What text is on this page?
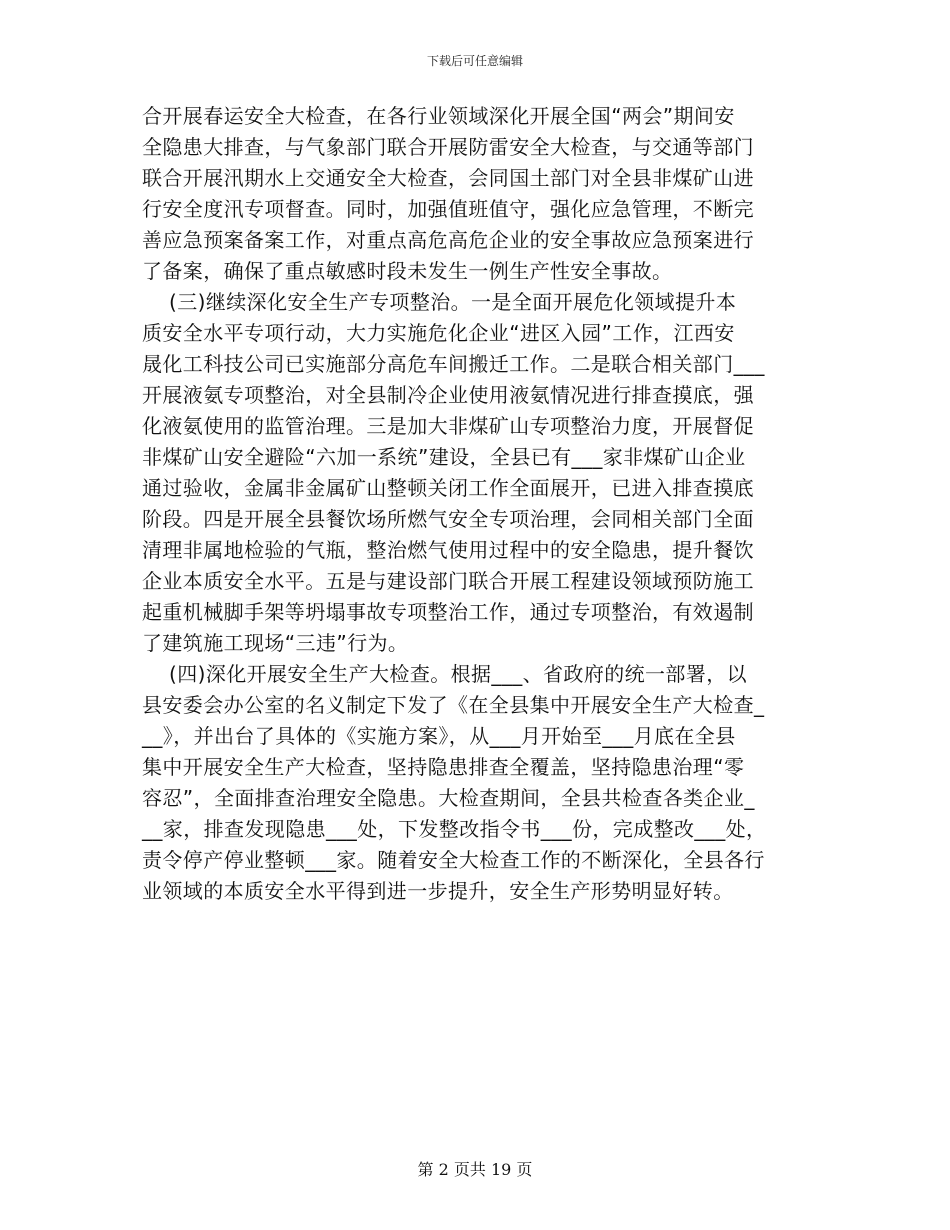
下载后可任意编辑
合开展春运安全大检查，在各行业领域深化开展全国“两会”期间安
全隐患大排查，与气象部门联合开展防雷安全大检查，与交通等部门
联合开展汛期水上交通安全大检查，会同国土部门对全县非煤矿山进
行安全度汛专项督查。同时，加强值班值守，强化应急管理，不断完
善应急预案备案工作，对重点高危高危企业的安全事故应急预案进行
了备案，确保了重点敏感时段未发生一例生产性安全事故。
(三)继续深化安全生产专项整治。一是全面开展危化领域提升本
质安全水平专项行动，大力实施危化企业“进区入园”工作，江西安
晟化工科技公司已实施部分高危车间搬迁工作。二是联合相关部门___
开展液氨专项整治，对全县制冷企业使用液氨情况进行排查摸底，强
化液氨使用的监管治理。三是加大非煤矿山专项整治力度，开展督促
非煤矿山安全避险“六加一系统”建设，全县已有___家非煤矿山企业
通过验收，金属非金属矿山整顿关闭工作全面展开，已进入排查摸底
阶段。四是开展全县餐饮场所燃气安全专项治理，会同相关部门全面
清理非属地检验的气瓶，整治燃气使用过程中的安全隐患，提升餐饮
企业本质安全水平。五是与建设部门联合开展工程建设领域预防施工
起重机械脚手架等坍塌事故专项整治工作，通过专项整治，有效遏制
了建筑施工现场“三违”行为。
(四)深化开展安全生产大检查。根据___、省政府的统一部署，以
县安委会办公室的名义制定下发了《在全县集中开展安全生产大检查_
__》，并出台了具体的《实施方案》，从___月开始至___月底在全县
集中开展安全生产大检查，坚持隐患排查全覆盖，坚持隐患治理“零
容忍”，全面排查治理安全隐患。大检查期间，全县共检查各类企业_
__家，排查发现隐患___处，下发整改指令书___份，完成整改___处，
责令停产停业整顿___家。随着安全大检查工作的不断深化，全县各行
业领域的本质安全水平得到进一步提升，安全生产形势明显好转。
第 2 页共 19 页
